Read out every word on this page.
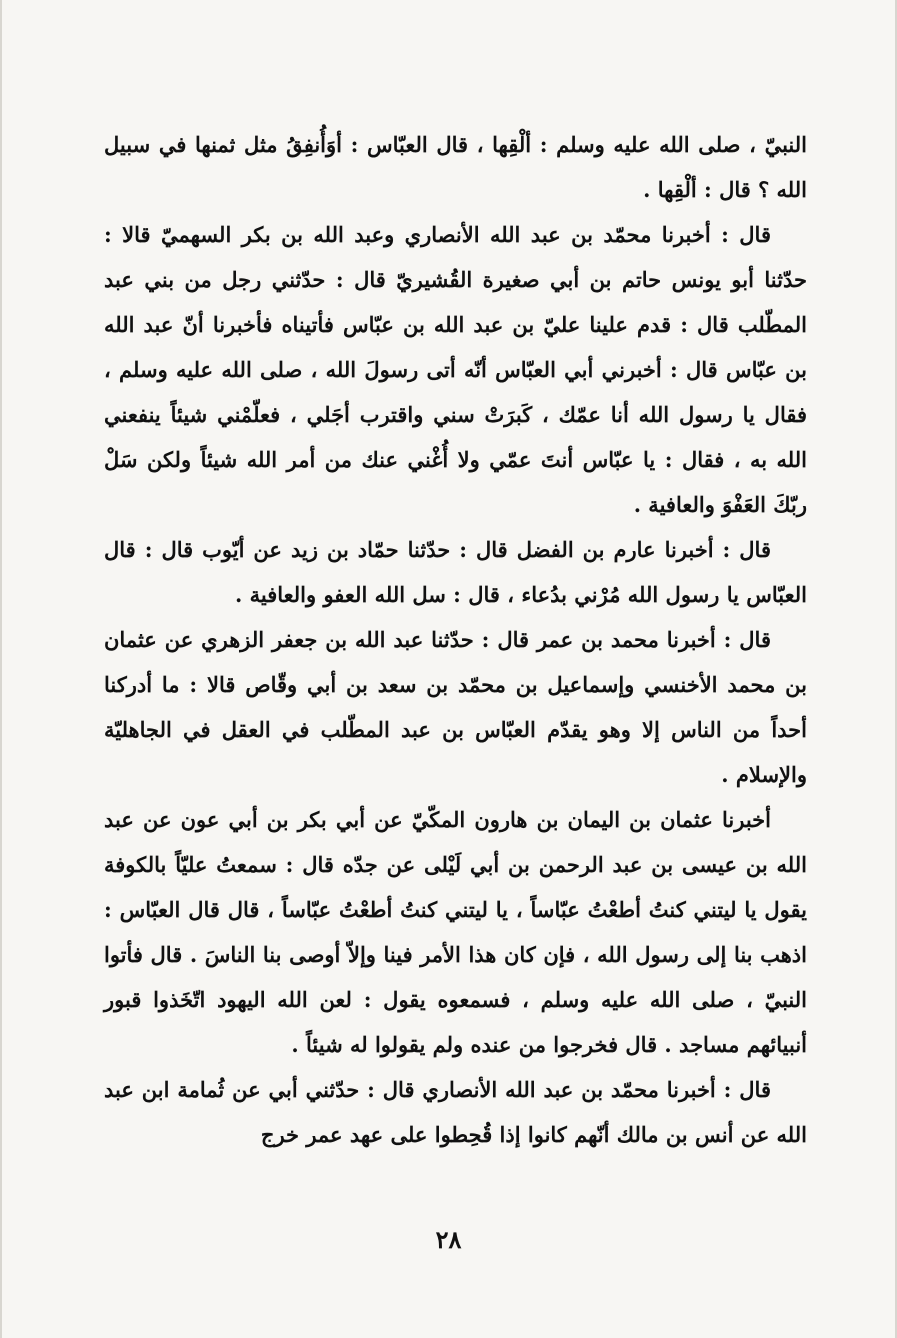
النبيّ ، صلى الله عليه وسلم : ألْقِها ، قال العبّاس : أوَأُنفِقُ مثل ثمنها في سبيل الله ؟ قال : ألْقِها .

قال : أخبرنا محمّد بن عبد الله الأنصاري وعبد الله بن بكر السهميّ قالا : حدّثنا أبو يونس حاتم بن أبي صغيرة القُشيريّ قال : حدّثني رجل من بني عبد المطّلب قال : قدم علينا عليّ بن عبد الله بن عبّاس فأتيناه فأخبرنا أنّ عبد الله بن عبّاس قال : أخبرني أبي العبّاس أنّه أتى رسولَ الله ، صلى الله عليه وسلم ، فقال يا رسول الله أنا عمّك ، كَبرَتْ سني واقترب أجَلي ، فعلّمْني شيئاً ينفعني الله به ، فقال : يا عبّاس أنتَ عمّي ولا أُغْني عنك من أمر الله شيئاً ولكن سَلْ ربّكَ العَفْوَ والعافية .

قال : أخبرنا عارم بن الفضل قال : حدّثنا حمّاد بن زيد عن أيّوب قال : قال العبّاس يا رسول الله مُرْني بدُعاء ، قال : سل الله العفو والعافية .

قال : أخبرنا محمد بن عمر قال : حدّثنا عبد الله بن جعفر الزهري عن عثمان بن محمد الأخنسي وإسماعيل بن محمّد بن سعد بن أبي وقّاص قالا : ما أدركنا أحداً من الناس إلا وهو يقدّم العبّاس بن عبد المطّلب في العقل في الجاهليّة والإسلام .

أخبرنا عثمان بن اليمان بن هارون المكّيّ عن أبي بكر بن أبي عون عن عبد الله بن عيسى بن عبد الرحمن بن أبي لَيْلى عن جدّه قال : سمعتُ عليّاً بالكوفة يقول يا ليتني كنتُ أطعْتُ عبّاساً ، يا ليتني كنتُ أطعْتُ عبّاساً ، قال قال العبّاس : اذهب بنا إلى رسول الله ، فإن كان هذا الأمر فينا وإلاّ أوصى بنا الناسَ . قال فأتوا النبيّ ، صلى الله عليه وسلم ، فسمعوه يقول : لعن الله اليهود اتّخَذوا قبور أنبيائهم مساجد . قال فخرجوا من عنده ولم يقولوا له شيئاً .

قال : أخبرنا محمّد بن عبد الله الأنصاري قال : حدّثني أبي عن ثُمامة ابن عبد الله عن أنس بن مالك أنّهم كانوا إذا قُحِطوا على عهد عمر خرج

٢٨
